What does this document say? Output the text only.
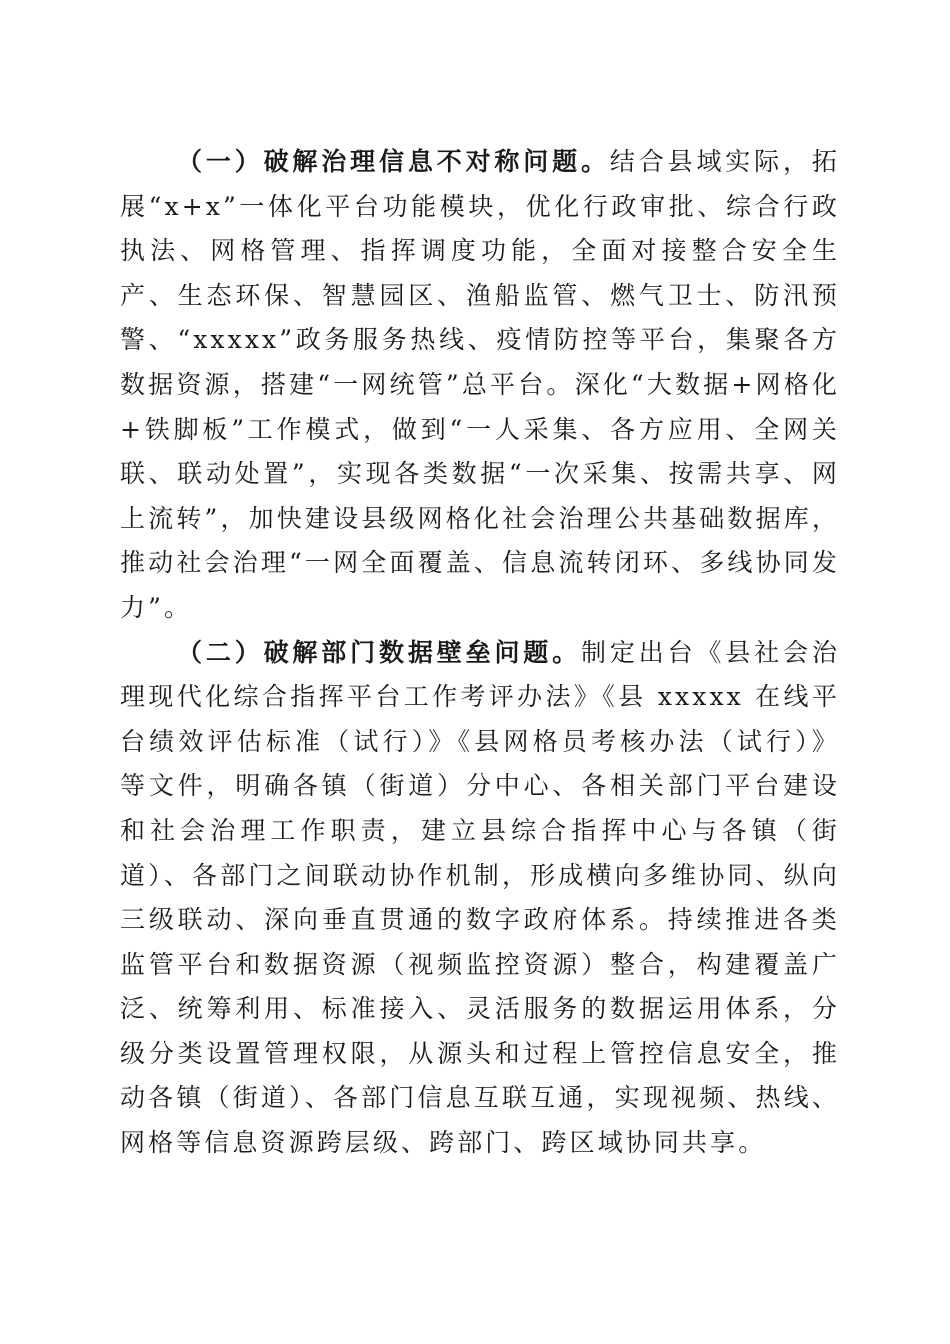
（一）破解治理信息不对称问题。结合县域实际，拓展“x+x”一体化平台功能模块，优化行政审批、综合行政执法、网格管理、指挥调度功能，全面对接整合安全生产、生态环保、智慧园区、渔船监管、燃气卫士、防汛预警、“xxxxx”政务服务热线、疫情防控等平台，集聚各方数据资源，搭建“一网统管”总平台。深化“大数据+网格化+铁脚板”工作模式，做到“一人采集、各方应用、全网关联、联动处置”，实现各类数据“一次采集、按需共享、网上流转”，加快建设县级网格化社会治理公共基础数据库，推动社会治理“一网全面覆盖、信息流转闭环、多线协同发力”。

（二）破解部门数据壁垒问题。制定出台《县社会治理现代化综合指挥平台工作考评办法》《县 xxxxx 在线平台绩效评估标准（试行）》《县网格员考核办法（试行）》等文件，明确各镇（街道）分中心、各相关部门平台建设和社会治理工作职责，建立县综合指挥中心与各镇（街道）、各部门之间联动协作机制，形成横向多维协同、纵向三级联动、深向垂直贯通的数字政府体系。持续推进各类监管平台和数据资源（视频监控资源）整合，构建覆盖广泛、统筹利用、标准接入、灵活服务的数据运用体系，分级分类设置管理权限，从源头和过程上管控信息安全，推动各镇（街道）、各部门信息互联互通，实现视频、热线、网格等信息资源跨层级、跨部门、跨区域协同共享。
